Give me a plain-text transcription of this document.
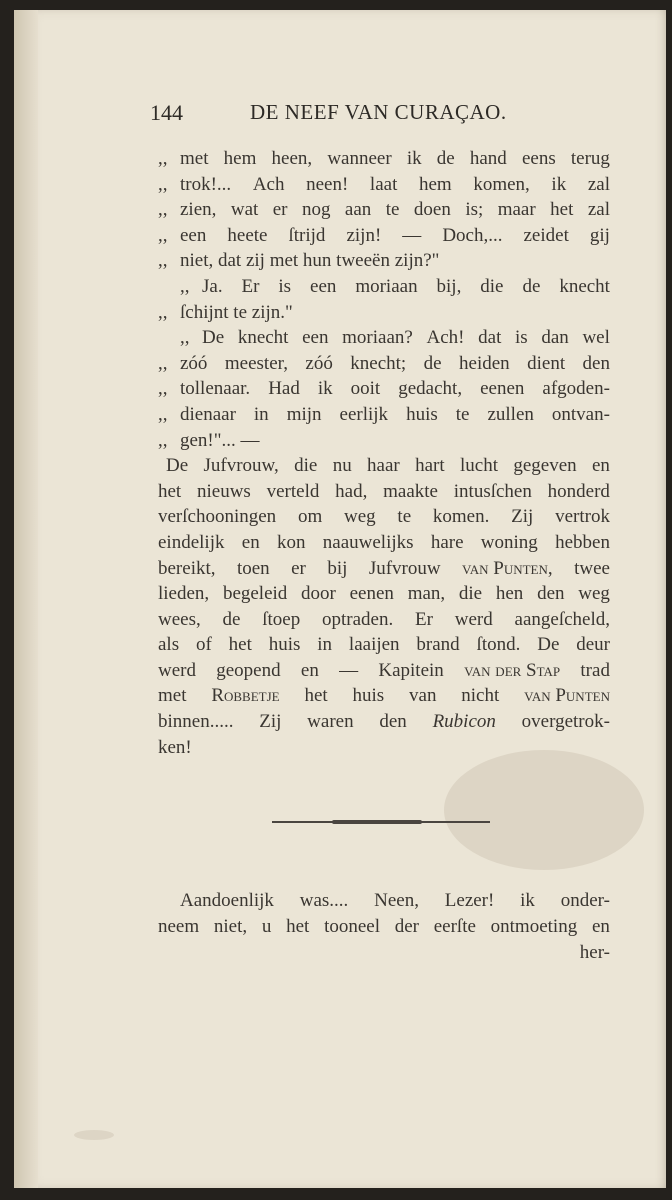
144	DE NEEF VAN CURAÇAO.
,, met hem heen, wanneer ik de hand eens terug
,, trok!... Ach neen! laat hem komen, ik zal
,, zien, wat er nog aan te doen is; maar het zal
,, een heete ſtrijd zijn! — Doch,... zeidet gij
,, niet, dat zij met hun tweeën zijn?"
,, Ja. Er is een moriaan bij, die de knecht
,, ſchijnt te zijn."
,, De knecht een moriaan? Ach! dat is dan wel
,, zóó meester, zóó knecht; de heiden dient den
,, tollenaar. Had ik ooit gedacht, eenen afgoden-
,, dienaar in mijn eerlijk huis te zullen ontvan-
,, gen!"... —
De Jufvrouw, die nu haar hart lucht gegeven en
het nieuws verteld had, maakte intusſchen honderd
verſchooningen om weg te komen. Zij vertrok
eindelijk en kon naauwelijks hare woning hebben
bereikt, toen er bij Jufvrouw van Punten, twee
lieden, begeleid door eenen man, die hen den weg
wees, de ſtoep optraden. Er werd aangeſcheld,
als of het huis in laaijen brand ſtond. De deur
werd geopend en — Kapitein van der Stap trad
met Robbetje het huis van nicht van Punten
binnen..... Zij waren den Rubicon overgetrok-
ken!
Aandoenlijk was.... Neen, Lezer! ik onder-
neem niet, u het tooneel der eerſte ontmoeting en
her-
